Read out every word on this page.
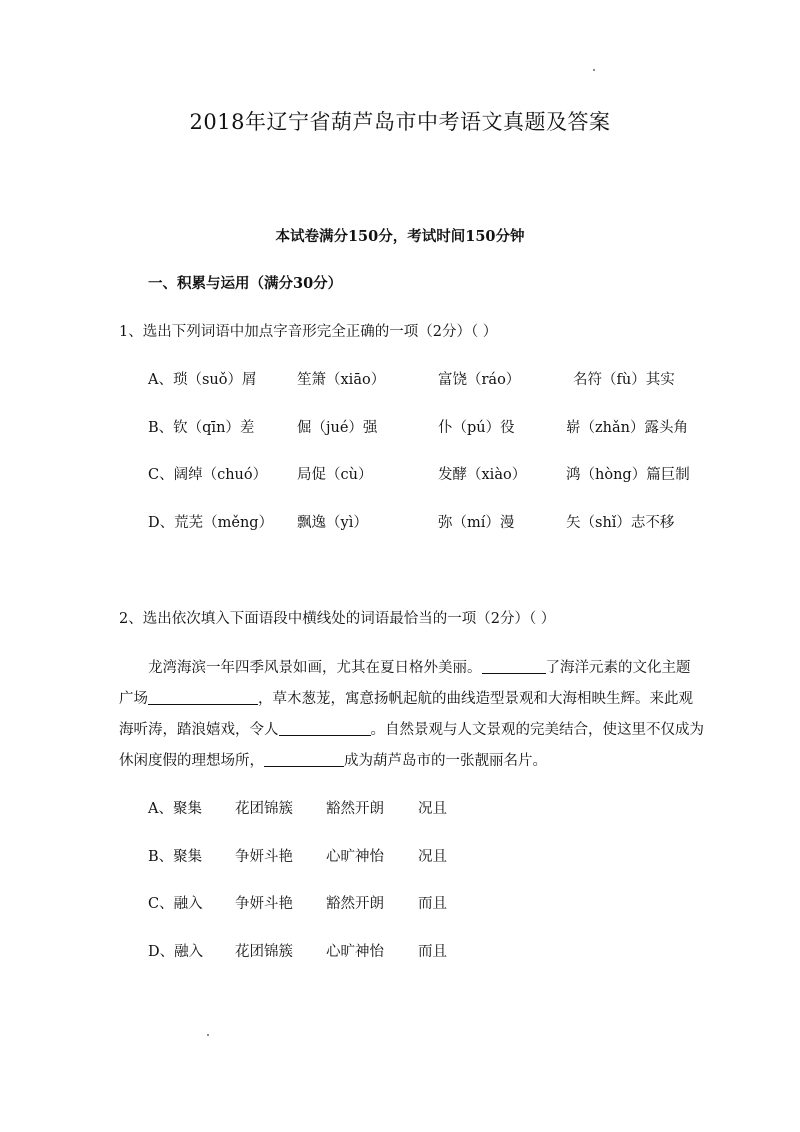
2018年辽宁省葫芦岛市中考语文真题及答案
本试卷满分150分，考试时间150分钟
一、积累与运用（满分30分）
1、选出下列词语中加点字音形完全正确的一项（2分）（ ）
A、琐（suǒ）屑	笙箫（xiāo）	富饶（ráo）	名符（fù）其实
B、钦（qīn）差	倔（jué）强	仆（pú）役	崭（zhǎn）露头角
C、阔绰（chuó） 局促（cù）	发酵（xiào）	鸿（hòng）篇巨制
D、荒芜（měng） 飘逸（yì）	弥（mí）漫	矢（shǐ）志不移
2、选出依次填入下面语段中横线处的词语最恰当的一项（2分）（ ）
龙湾海滨一年四季风景如画，尤其在夏日格外美丽。	了海洋元素的文化主题
广场	，草木葱茏，寓意扬帆起航的曲线造型景观和大海相映生辉。来此观
海听涛，踏浪嬉戏，令人	。自然景观与人文景观的完美结合，使这里不仅成为
休闲度假的理想场所，	成为葫芦岛市的一张靓丽名片。
A、聚集 花团锦簇 豁然开朗 况且
B、聚集 争妍斗艳 心旷神怡 况且
C、融入 争妍斗艳 豁然开朗 而且
D、融入 花团锦簇 心旷神怡 而且
